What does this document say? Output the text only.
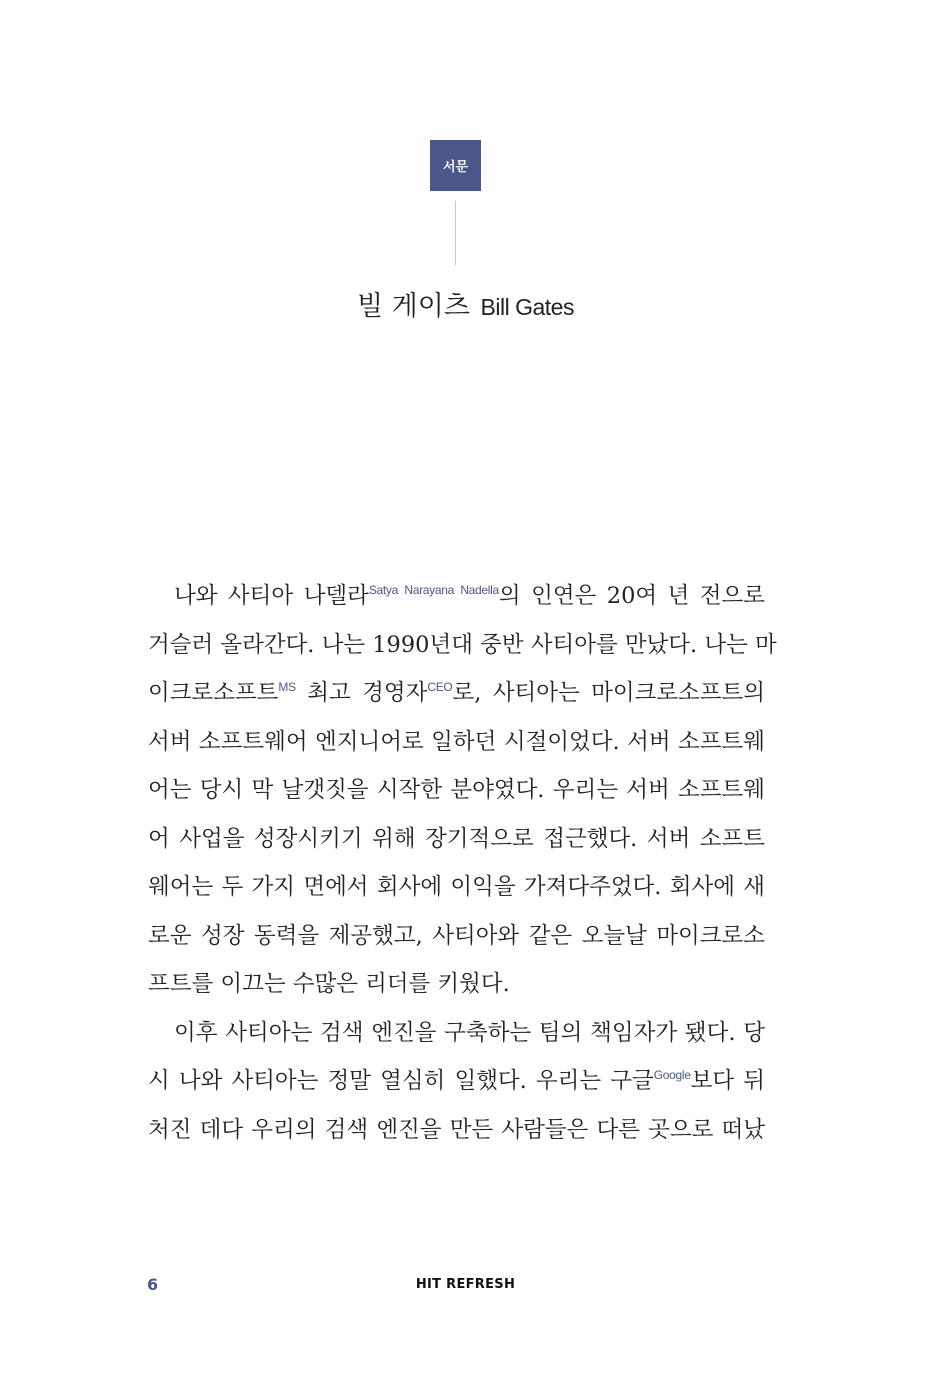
서문
빌 게이츠 Bill Gates
나와 사티아 나델라$^{Satya Narayana Nadella}$의 인연은 20여 년 전으로
거슬러 올라간다. 나는 1990년대 중반 사티아를 만났다. 나는 마
이크로소프트$^{MS}$ 최고 경영자$^{CEO}$로, 사티아는 마이크로소프트의
서버 소프트웨어 엔지니어로 일하던 시절이었다. 서버 소프트웨
어는 당시 막 날갯짓을 시작한 분야였다. 우리는 서버 소프트웨
어 사업을 성장시키기 위해 장기적으로 접근했다. 서버 소프트
웨어는 두 가지 면에서 회사에 이익을 가져다주었다. 회사에 새
로운 성장 동력을 제공했고, 사티아와 같은 오늘날 마이크로소
프트를 이끄는 수많은 리더를 키웠다.
이후 사티아는 검색 엔진을 구축하는 팀의 책임자가 됐다. 당
시 나와 사티아는 정말 열심히 일했다. 우리는 구글$^{Google}$보다 뒤
처진 데다 우리의 검색 엔진을 만든 사람들은 다른 곳으로 떠났
6	HIT REFRESH
